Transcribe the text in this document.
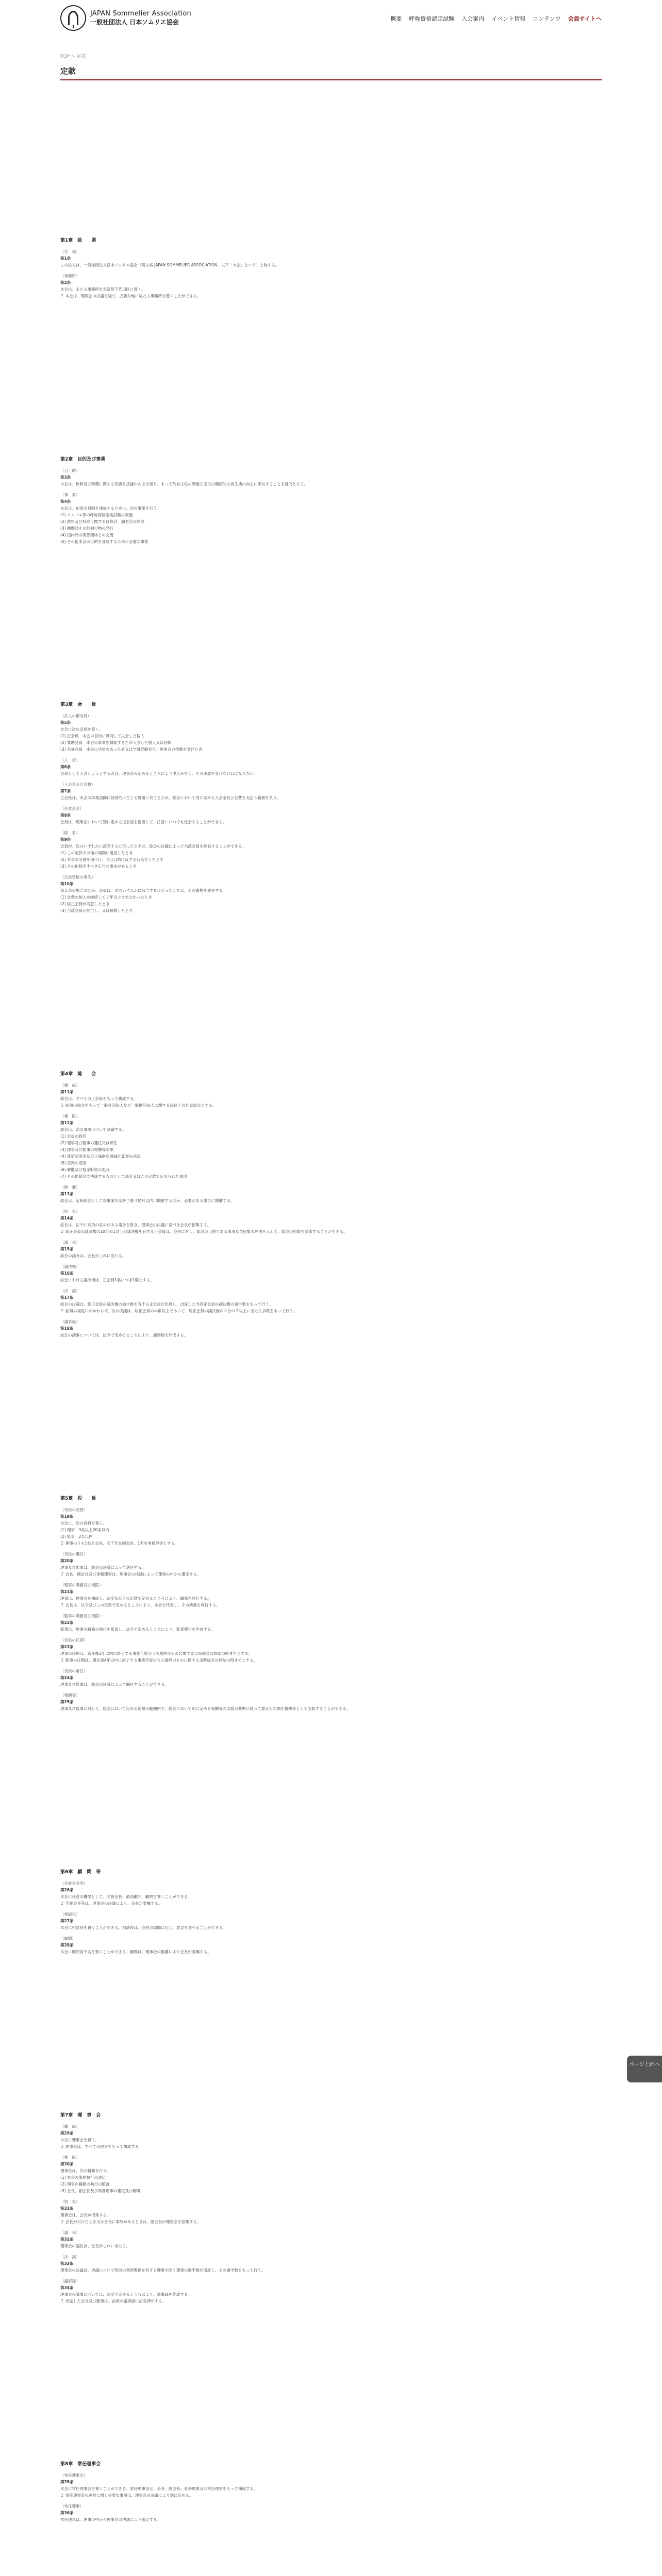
JAPAN Sommelier Association
一般社団法人 日本ソムリエ協会	概要 呼称資格認定試験 入会案内 イベント情報 コンテンツ 会員サイトへ
TOP > 定款
定款
第1章　総　　則
（名　称）
第1条
この法人は、一般社団法人日本ソムリエ協会（英文名 JAPAN SOMMELIER ASSOCIATION、以下「本会」という）と称する。
（事務所）
第2条
本会は、主たる事務所を東京都千代田区に置く。
２ 本会は、理事会の決議を経て、必要な地に従たる事務所を置くことができる。
第2章　目的及び事業
（目　的）
第3条
本会は、飲料及び料理に関する知識と技能の向上を図り、もって飲食文化の発展と国民の健康的な食生活の向上に寄与することを目的とする。
（事　業）
第4条
本会は、前条の目的を達成するために、次の事業を行う。
(1) ソムリエ等の呼称資格認定試験の実施
(2) 飲料及び料理に関する研修会、講習会の開催
(3) 機関誌その他刊行物の発行
(4) 国内外の関係団体との交流
(5) その他本会の目的を達成するために必要な事業
第3章　会　　員
（法人の構成員）
第5条
本会に次の会員を置く。
(1) 正会員　本会の目的に賛同して入会した個人
(2) 賛助会員　本会の事業を賛助するため入会した個人又は団体
(3) 名誉会員　本会に功労のあった者又は学識経験者で、理事会の推薦を受けた者
（入　会）
第6条
会員として入会しようとする者は、理事会の定めるところにより申込みをし、その承認を受けなければならない。
（入会金及び会費）
第7条
正会員は、本会の事業活動に経常的に生じる費用に充てるため、総会において別に定める入会金及び会費を支払う義務を負う。
（任意退会）
第8条
会員は、理事会において別に定める退会届を提出して、任意にいつでも退会することができる。
（除　名）
第9条
会員が、次のいずれかに該当するに至ったときは、総会の決議によって当該会員を除名することができる。
(1) この定款その他の規則に違反したとき
(2) 本会の名誉を傷つけ、又は目的に反する行為をしたとき
(3) その他除名すべき正当な事由があるとき
（会員資格の喪失）
第10条
前２条の場合のほか、会員は、次のいずれかに該当するに至ったときは、その資格を喪失する。
(1) 会費の納入が継続して２年以上されなかったとき
(2) 総正会員が同意したとき
(3) 当該会員が死亡し、又は解散したとき
第4章　総　　会
（構　成）
第11条
総会は、すべての正会員をもって構成する。
２ 前項の総会をもって一般社団法人及び一般財団法人に関する法律上の社員総会とする。
（権　限）
第12条
総会は、次の事項について決議する。
(1) 会員の除名
(2) 理事及び監事の選任又は解任
(3) 理事及び監事の報酬等の額
(4) 貸借対照表及び正味財産増減計算書の承認
(5) 定款の変更
(6) 解散及び残余財産の処分
(7) その他総会で決議するものとして法令又はこの定款で定められた事項
（開　催）
第13条
総会は、定時総会として毎事業年度終了後３箇月以内に開催するほか、必要がある場合に開催する。
（招　集）
第14条
総会は、法令に別段の定めがある場合を除き、理事会の決議に基づき会長が招集する。
２ 総正会員の議決権の10分の1以上の議決権を有する正会員は、会長に対し、総会の目的である事項及び招集の理由を示して、総会の招集を請求することができる。
（議　長）
第15条
総会の議長は、会長がこれに当たる。
（議決権）
第16条
総会における議決権は、正会員1名につき1個とする。
（決　議）
第17条
総会の決議は、総正会員の議決権の過半数を有する正会員が出席し、出席した当該正会員の議決権の過半数をもって行う。
２ 前項の規定にかかわらず、次の決議は、総正会員の半数以上であって、総正会員の議決権の３分の２以上に当たる多数をもって行う。
（議事録）
第18条
総会の議事については、法令で定めるところにより、議事録を作成する。
第5章　役　　員
（役員の設置）
第19条
本会に、次の役員を置く。
(1) 理事　3名以上20名以内
(2) 監事　2名以内
２ 理事のうち1名を会長、若干名を副会長、1名を専務理事とする。
（役員の選任）
第20条
理事及び監事は、総会の決議によって選任する。
２ 会長、副会長及び専務理事は、理事会の決議によって理事の中から選定する。
（理事の職務及び権限）
第21条
理事は、理事会を構成し、法令及びこの定款で定めるところにより、職務を執行する。
２ 会長は、法令及びこの定款で定めるところにより、本会を代表し、その業務を執行する。
（監事の職務及び権限）
第22条
監事は、理事の職務の執行を監査し、法令で定めるところにより、監査報告を作成する。
（役員の任期）
第23条
理事の任期は、選任後2年以内に終了する事業年度のうち最終のものに関する定時総会の終結の時までとする。
２ 監事の任期は、選任後4年以内に終了する事業年度のうち最終のものに関する定時総会の終結の時までとする。
（役員の解任）
第24条
理事及び監事は、総会の決議によって解任することができる。
（報酬等）
第25条
理事及び監事に対して、総会において定める総額の範囲内で、総会において別に定める報酬等の支給の基準に従って算定した額を報酬等として支給することができる。
第6章　顧　問　等
（名誉会長等）
第26条
本会に任意の機関として、名誉会長、最高顧問、顧問を置くことができる。
２ 名誉会長等は、理事会の決議により、会長が委嘱する。
（相談役）
第27条
本会に相談役を置くことができる。相談役は、会長の諮問に応じ、意見を述べることができる。
（顧問）
第28条
本会に顧問若干名を置くことができる。顧問は、理事会の推薦により会長が委嘱する。
第7章　理　事　会
（構　成）
第29条
本会に理事会を置く。
２ 理事会は、すべての理事をもって構成する。
（権　限）
第30条
理事会は、次の職務を行う。
(1) 本会の業務執行の決定
(2) 理事の職務の執行の監督
(3) 会長、副会長及び専務理事の選定及び解職
（招　集）
第31条
理事会は、会長が招集する。
２ 会長が欠けたとき又は会長に事故があるときは、副会長が理事会を招集する。
（議　長）
第32条
理事会の議長は、会長がこれに当たる。
（決　議）
第33条
理事会の決議は、決議について特別の利害関係を有する理事を除く理事の過半数が出席し、その過半数をもって行う。
（議事録）
第34条
理事会の議事については、法令で定めるところにより、議事録を作成する。
２ 出席した会長及び監事は、前項の議事録に記名押印する。
第8章　常任理事会
（常任理事会）
第35条
本会に常任理事会を置くことができる。常任理事会は、会長、副会長、専務理事及び常任理事をもって構成する。
２ 常任理事会の運営に関し必要な事項は、理事会の決議により別に定める。
（常任理事）
第36条
常任理事は、理事の中から理事会の決議により選定する。
ページ上部へ
